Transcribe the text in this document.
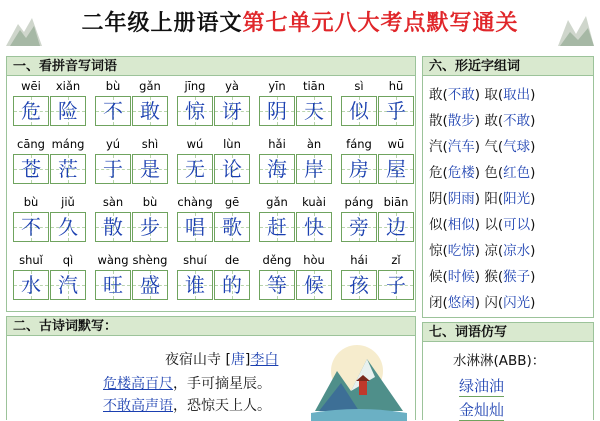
二年级上册语文第七单元八大考点默写通关
一、看拼音写词语
wēi
危
xiǎn
险
bù
不
gǎn
敢
jīng
惊
yà
讶
yīn
阴
tiān
天
sì
似
hū
乎
cāng
苍
máng
茫
yú
于
shì
是
wú
无
lùn
论
hǎi
海
àn
岸
fáng
房
wū
屋
bù
不
jiǔ
久
sàn
散
bù
步
chàng
唱
gē
歌
gǎn
赶
kuài
快
páng
旁
biān
边
shuǐ
水
qì
汽
wàng
旺
shèng
盛
shuí
谁
de
的
děng
等
hòu
候
hái
孩
zǐ
子
六、形近字组词
敢(不敢) 取(取出)
散(散步) 敢(不敢)
汽(汽车) 气(气球)
危(危楼) 色(红色)
阴(阴雨) 阳(阳光)
似(相似) 以(可以)
惊(吃惊) 凉(凉水)
候(时候) 猴(猴子)
闭(悠闲) 闪(闪光)
二、古诗词默写：
夜宿山寺 [唐]李白
危楼高百尺，手可摘星辰。
不敢高声语，恐惊天上人。
七、词语仿写
水淋淋(ABB)：
绿油油
金灿灿
